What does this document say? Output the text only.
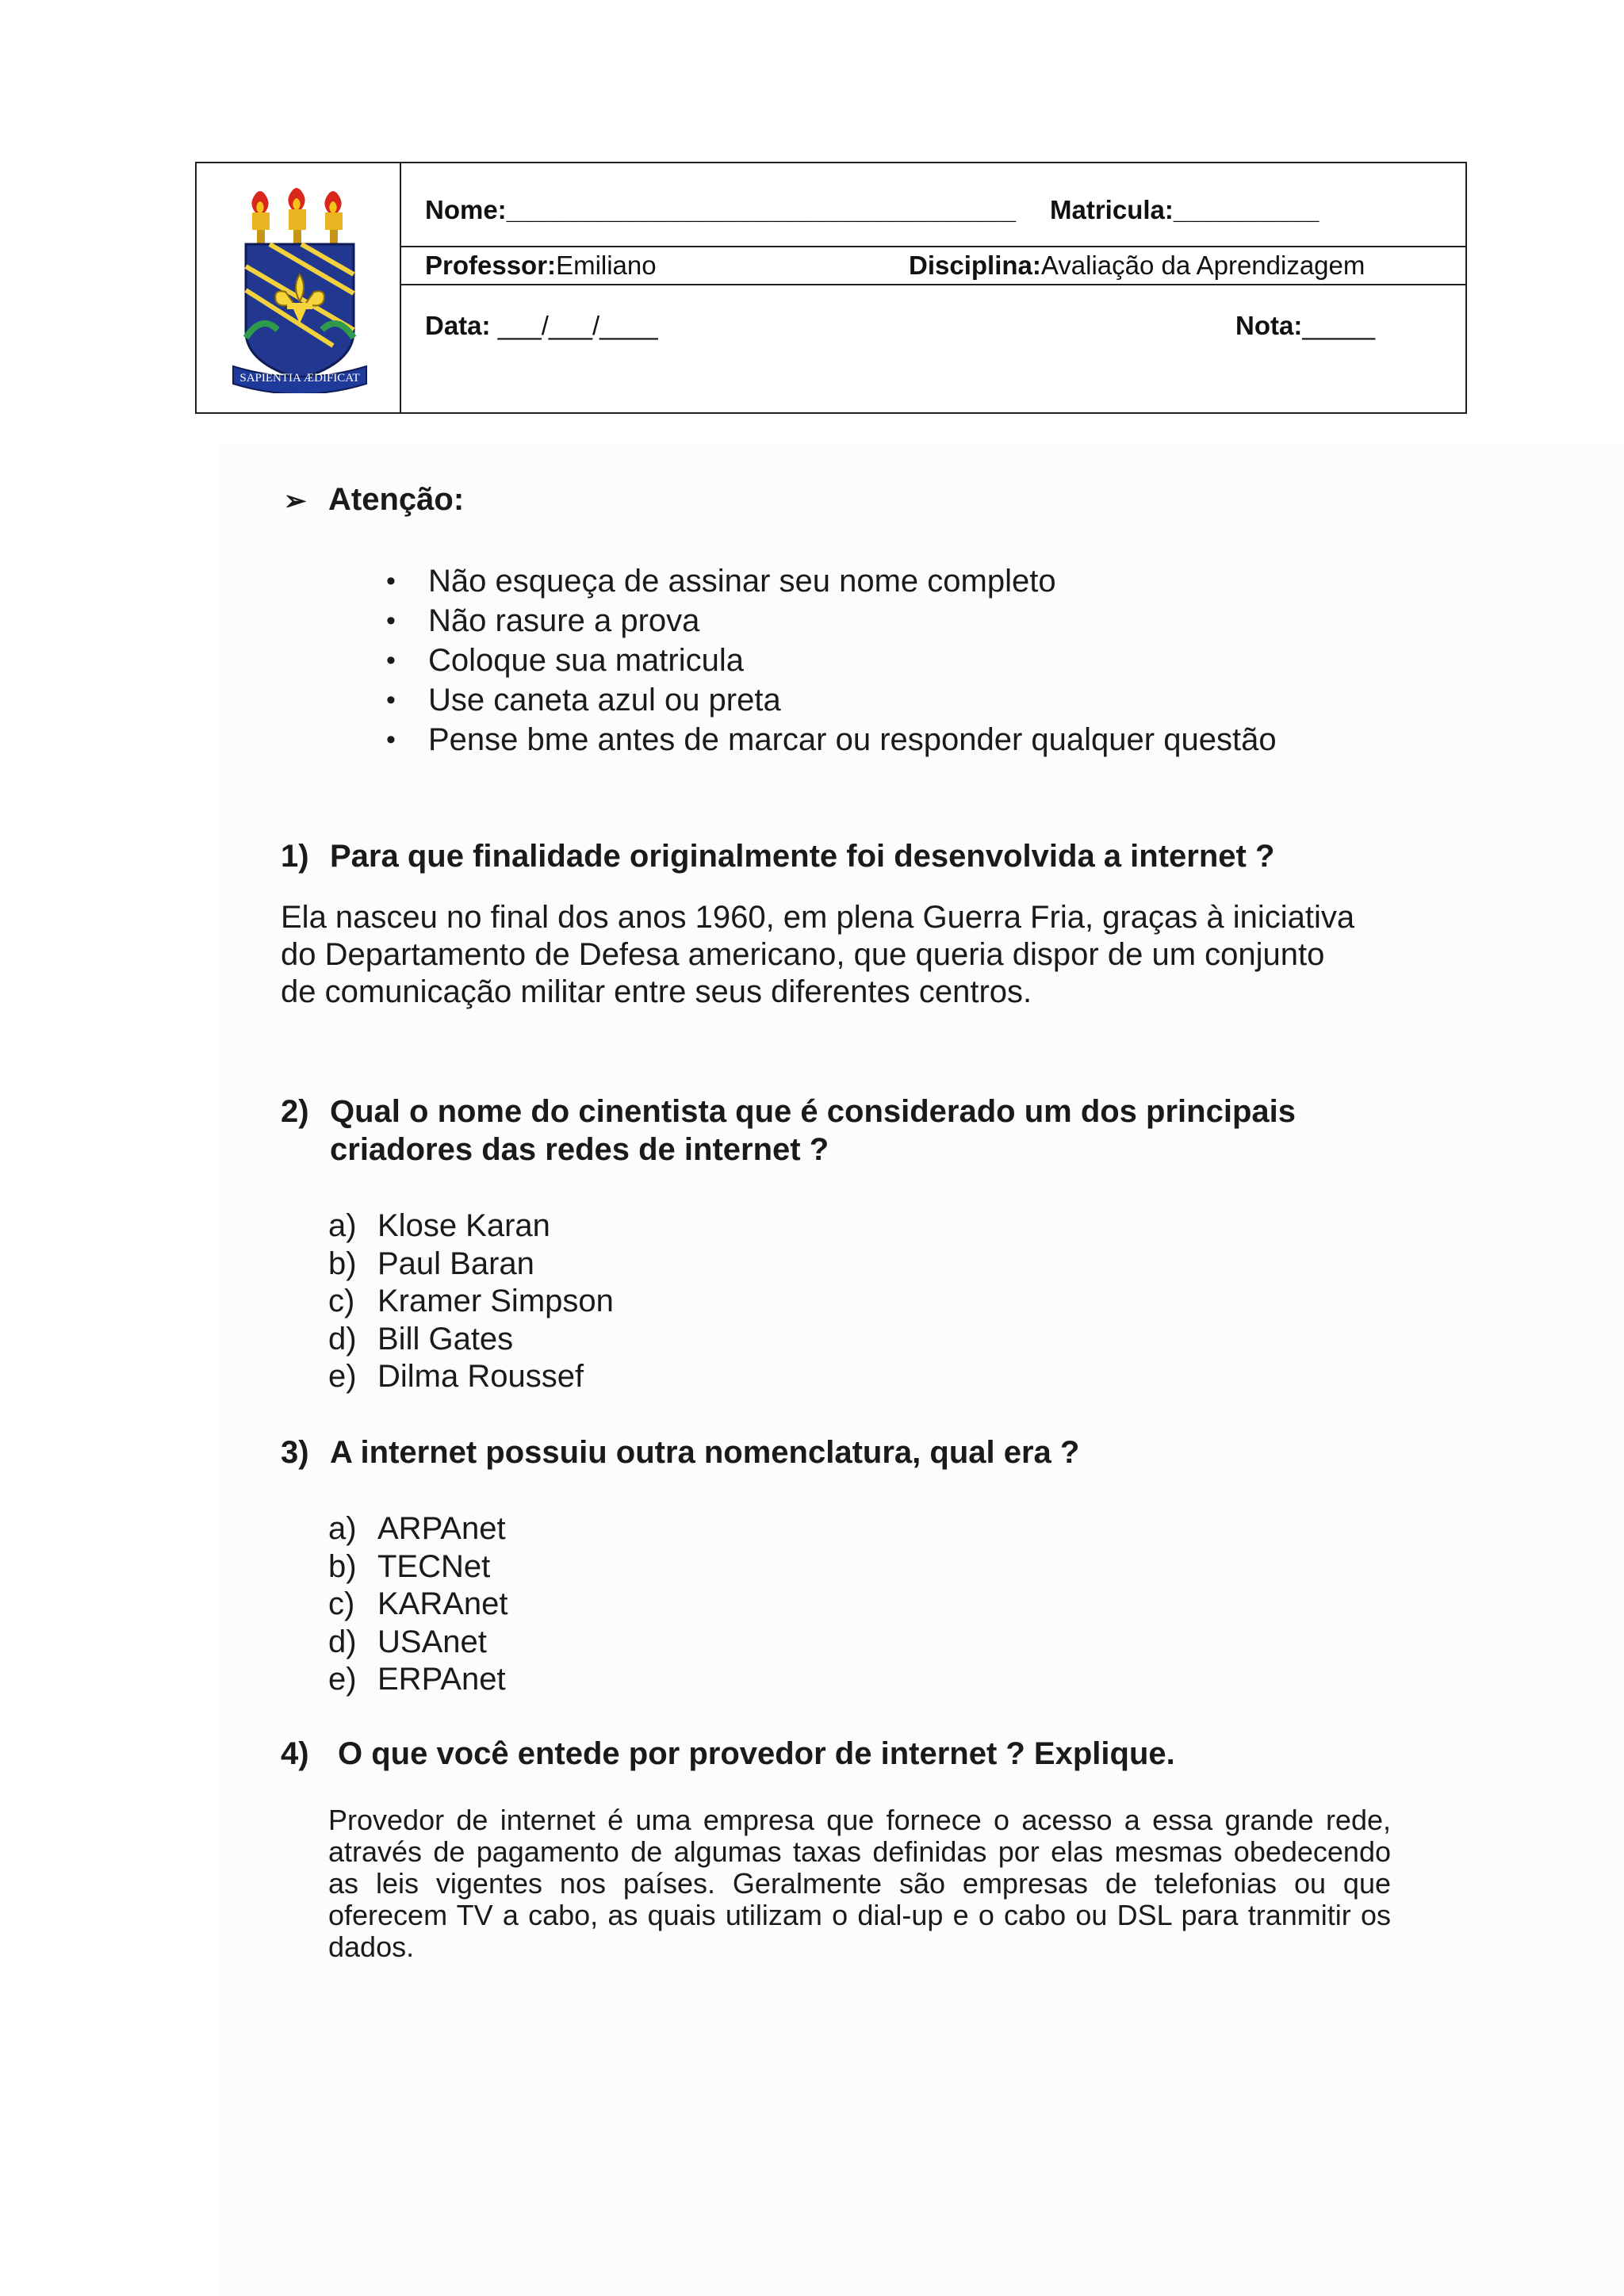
SAPIENTIA ÆDIFICAT
Nome:___________________________________ Matricula:__________
Professor:Emiliano	Disciplina:Avaliação da Aprendizagem
Data: ___/___/____	Nota:_____
➢ Atenção:
• Não esqueça de assinar seu nome completo
• Não rasure a prova
• Coloque sua matricula
• Use caneta azul ou preta
• Pense bme antes de marcar ou responder qualquer questão
1) Para que finalidade originalmente foi desenvolvida a internet ?
Ela nasceu no final dos anos 1960, em plena Guerra Fria, graças à iniciativa
do Departamento de Defesa americano, que queria dispor de um conjunto
de comunicação militar entre seus diferentes centros.
2) Qual o nome do cinentista que é considerado um dos principais
criadores das redes de internet ?
a) Klose Karan
b) Paul Baran
c) Kramer Simpson
d) Bill Gates
e) Dilma Roussef
3) A internet possuiu outra nomenclatura, qual era ?
a) ARPAnet
b) TECNet
c) KARAnet
d) USAnet
e) ERPAnet
4) O que você entede por provedor de internet ? Explique.
Provedor de internet é uma empresa que fornece o acesso a essa grande rede, através de pagamento de algumas taxas definidas por elas mesmas obedecendo as leis vigentes nos países. Geralmente são empresas de telefonias ou que oferecem TV a cabo, as quais utilizam o dial-up e o cabo ou DSL para tranmitir os dados.
